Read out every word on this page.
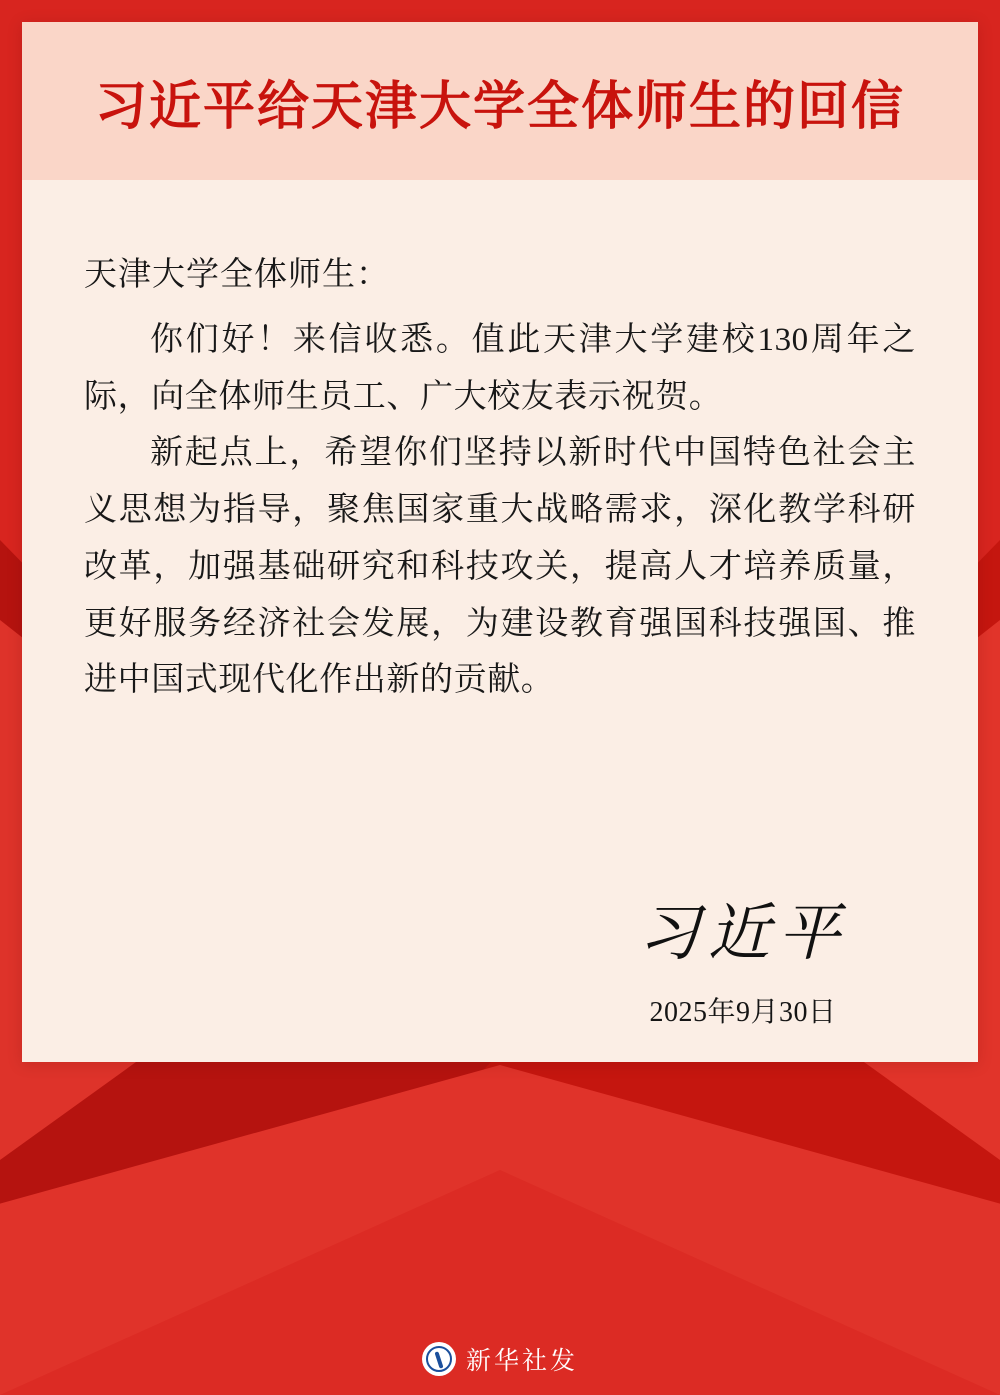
习近平给天津大学全体师生的回信

天津大学全体师生：

你们好！来信收悉。值此天津大学建校130周年之际，向全体师生员工、广大校友表示祝贺。

新起点上，希望你们坚持以新时代中国特色社会主义思想为指导，聚焦国家重大战略需求，深化教学科研改革，加强基础研究和科技攻关，提高人才培养质量，更好服务经济社会发展，为建设教育强国科技强国、推进中国式现代化作出新的贡献。

习近平
2025年9月30日
新华社发
